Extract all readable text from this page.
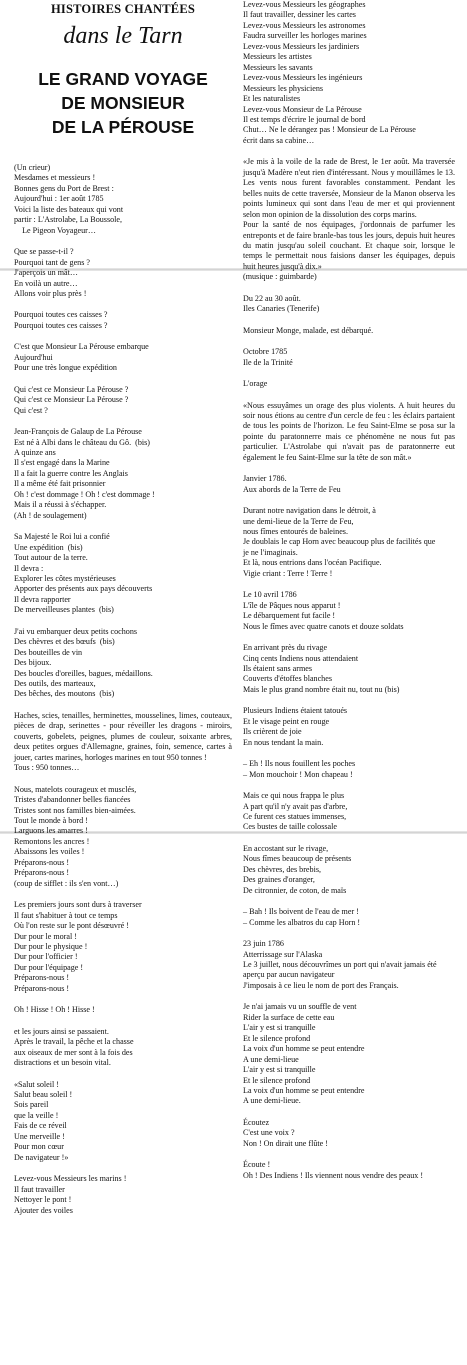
HISTOIRES CHANTÉES
dans le Tarn
LE GRAND VOYAGE
DE MONSIEUR
DE LA PÉROUSE
(Un crieur)
Mesdames et messieurs !
Bonnes gens du Port de Brest :
Aujourd'hui : 1er août 1785
Voici la liste des bateaux qui vont
partir : L'Astrolabe, La Boussole,
Le Pigeon Voyageur…
Que se passe-t-il ?
Pourquoi tant de gens ?
J'aperçois un mât…
En voilà un autre…
Allons voir plus près !
Pourquoi toutes ces caisses ?
Pourquoi toutes ces caisses ?
C'est que Monsieur La Pérouse embarque
Aujourd'hui
Pour une très longue expédition
Qui c'est ce Monsieur La Pérouse ?
Qui c'est ce Monsieur La Pérouse ?
Qui c'est ?
Jean-François de Galaup de La Pérouse
Est né à Albi dans le château du Gô.  (bis)
A quinze ans
Il s'est engagé dans la Marine
Il a fait la guerre contre les Anglais
Il a même été fait prisonnier
Oh ! c'est dommage ! Oh ! c'est dommage !
Mais il a réussi à s'échapper.
(Ah ! de soulagement)
Sa Majesté le Roi lui a confié
Une expédition  (bis)
Tout autour de la terre.
Il devra :
Explorer les côtes mystérieuses
Apporter des présents aux pays découverts
Il devra rapporter
De merveilleuses plantes  (bis)
J'ai vu embarquer deux petits cochons
Des chèvres et des bœufs  (bis)
Des bouteilles de vin
Des bijoux.
Des boucles d'oreilles, bagues, médaillons.
Des outils, des marteaux,
Des bêches, des moutons  (bis)
Haches, scies, tenailles, herminettes, mousselines, limes, couteaux, pièces de drap, serinettes - pour réveiller les dragons - miroirs, couverts, gobelets, peignes, plumes de couleur, soixante arbres, deux petites orgues d'Allemagne, graines, foin, semence, cartes à jouer, cartes marines, horloges marines en tout 950 tonnes !
Tous : 950 tonnes…
Nous, matelots courageux et musclés,
Tristes d'abandonner belles fiancées
Tristes sont nos familles bien-aimées.
Tout le monde à bord !
Larguons les amarres !
Remontons les ancres !
Abaissons les voiles !
Préparons-nous !
Préparons-nous !
(coup de sifflet : ils s'en vont…)
Les premiers jours sont durs à traverser
Il faut s'habituer à tout ce temps
Où l'on reste sur le pont désœuvré !
Dur pour le moral !
Dur pour le physique !
Dur pour l'officier !
Dur pour l'équipage !
Préparons-nous !
Préparons-nous !
Oh ! Hisse ! Oh ! Hisse !
et les jours ainsi se passaient.
Après le travail, la pêche et la chasse
aux oiseaux de mer sont à la fois des
distractions et un besoin vital.
«Salut soleil !
Salut beau soleil !
Sois pareil
que la veille !
Fais de ce réveil
Une merveille !
Pour mon cœur
De navigateur !»
Levez-vous Messieurs les marins !
Il faut travailler
Nettoyer le pont !
Ajouter des voiles
Levez-vous Messieurs les géographes
Il faut travailler, dessiner les cartes
Levez-vous Messieurs les astronomes
Faudra surveiller les horloges marines
Levez-vous Messieurs les jardiniers
Messieurs les artistes
Messieurs les savants
Levez-vous Messieurs les ingénieurs
Messieurs les physiciens
Et les naturalistes
Levez-vous Monsieur de La Pérouse
Il est temps d'écrire le journal de bord
Chut… Ne le dérangez pas ! Monsieur de La Pérouse
écrit dans sa cabine…
«Je mis à la voile de la rade de Brest, le 1er août. Ma traversée jusqu'à Madère n'eut rien d'intéressant. Nous y mouillâmes le 13. Les vents nous furent favorables constamment. Pendant les belles nuits de cette traversée, Monsieur de la Manon observa les points lumineux qui sont dans l'eau de mer et qui proviennent selon mon opinion de la dissolution des corps marins.
Pour la santé de nos équipages, j'ordonnais de parfumer les entreponts et de faire branle-bas tous les jours, depuis huit heures du matin jusqu'au soleil couchant. Et chaque soir, lorsque le temps le permettait nous faisions danser les équipages, depuis huit heures jusqu'à dix.»
(musique : guimbarde)
Du 22 au 30 août.
Iles Canaries (Tenerife)
Monsieur Monge, malade, est débarqué.
Octobre 1785
Ile de la Trinité
L'orage
«Nous essuyâmes un orage des plus violents. A huit heures du soir nous étions au centre d'un cercle de feu : les éclairs partaient de tous les points de l'horizon. Le feu Saint-Elme se posa sur la pointe du paratonnerre mais ce phénomène ne nous fut pas particulier. L'Astrolabe qui n'avait pas de paratonnerre eut également le feu Saint-Elme sur la tête de son mât.»
Janvier 1786.
Aux abords de la Terre de Feu
Durant notre navigation dans le détroit, à
une demi-lieue de la Terre de Feu,
nous fîmes entourés de baleines.
Je doublais le cap Horn avec beaucoup plus de facilités que
je ne l'imaginais.
Et là, nous entrions dans l'océan Pacifique.
Vigie criant : Terre ! Terre !
Le 10 avril 1786
L'île de Pâques nous apparut !
Le débarquement fut facile !
Nous le fîmes avec quatre canots et douze soldats
En arrivant près du rivage
Cinq cents Indiens nous attendaient
Ils étaient sans armes
Couverts d'étoffes blanches
Mais le plus grand nombre était nu, tout nu (bis)
Plusieurs Indiens étaient tatoués
Et le visage peint en rouge
Ils crièrent de joie
En nous tendant la main.
– Eh ! Ils nous fouillent les poches
– Mon mouchoir ! Mon chapeau !
Mais ce qui nous frappa le plus
A part qu'il n'y avait pas d'arbre,
Ce furent ces statues immenses,
Ces bustes de taille colossale
En accostant sur le rivage,
Nous fîmes beaucoup de présents
Des chèvres, des brebis,
Des graines d'oranger,
De citronnier, de coton, de maïs
– Bah ! Ils boivent de l'eau de mer !
– Comme les albatros du cap Horn !
23 juin 1786
Atterrissage sur l'Alaska
Le 3 juillet, nous découvrîmes un port qui n'avait jamais été
aperçu par aucun navigateur
J'imposais à ce lieu le nom de port des Français.
Je n'ai jamais vu un souffle de vent
Rider la surface de cette eau
L'air y est si tranquille
Et le silence profond
La voix d'un homme se peut entendre
A une demi-lieue
L'air y est si tranquille
Et le silence profond
La voix d'un homme se peut entendre
A une demi-lieue.
Écoutez
C'est une voix ?
Non ! On dirait une flûte !
Écoute !
Oh ! Des Indiens ! Ils viennent nous vendre des peaux !
